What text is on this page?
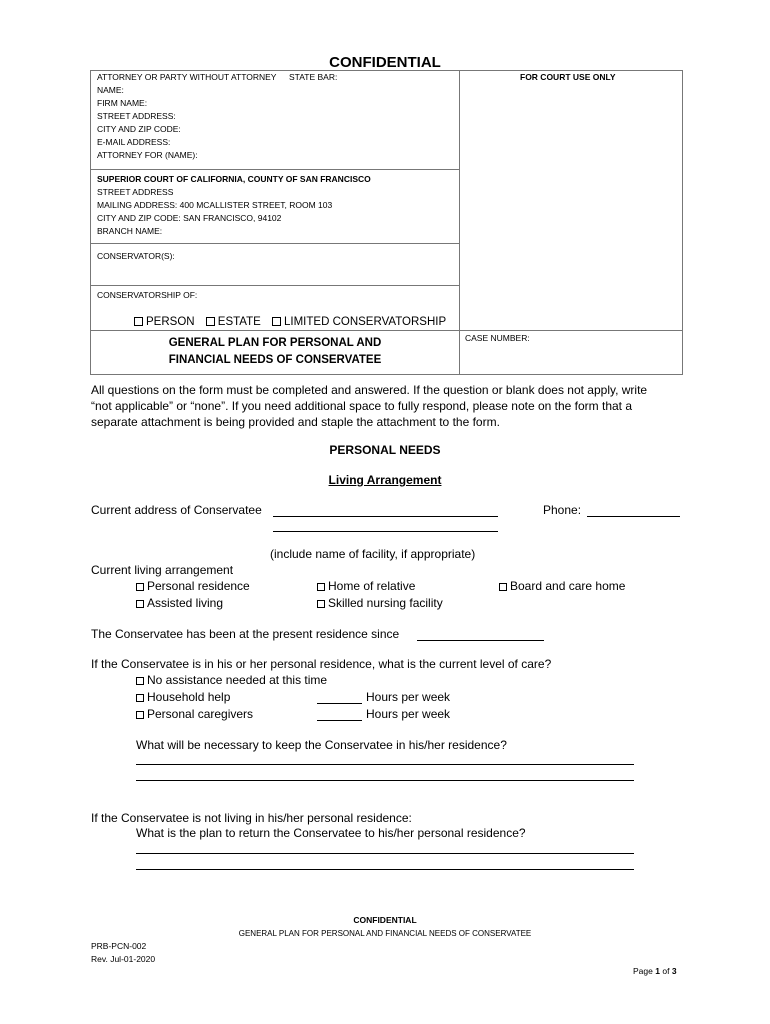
CONFIDENTIAL
ATTORNEY OR PARTY WITHOUT ATTORNEY STATE BAR:	FOR COURT USE ONLY
NAME:
FIRM NAME:
STREET ADDRESS:
CITY AND ZIP CODE:
E-MAIL ADDRESS:
ATTORNEY FOR (NAME):
SUPERIOR COURT OF CALIFORNIA, COUNTY OF SAN FRANCISCO
STREET ADDRESS
MAILING ADDRESS: 400 MCALLISTER STREET, ROOM 103
CITY AND ZIP CODE: SAN FRANCISCO, 94102
BRANCH NAME:
CONSERVATOR(S):
CONSERVATORSHIP OF:
PERSON ESTATE LIMITED CONSERVATORSHIP
GENERAL PLAN FOR PERSONAL AND
FINANCIAL NEEDS OF CONSERVATEE
CASE NUMBER:
All questions on the form must be completed and answered. If the question or blank does not apply, write
“not applicable” or “none”. If you need additional space to fully respond, please note on the form that a
separate attachment is being provided and staple the attachment to the form.
PERSONAL NEEDS
Living Arrangement
Current address of Conservatee	Phone:
(include name of facility, if appropriate)
Current living arrangement
Personal residence	Home of relative	Board and care home
Assisted living	Skilled nursing facility
The Conservatee has been at the present residence since
If the Conservatee is in his or her personal residence, what is the current level of care?
No assistance needed at this time
Household help	Hours per week
Personal caregivers	Hours per week
What will be necessary to keep the Conservatee in his/her residence?
If the Conservatee is not living in his/her personal residence:
What is the plan to return the Conservatee to his/her personal residence?
CONFIDENTIAL
GENERAL PLAN FOR PERSONAL AND FINANCIAL NEEDS OF CONSERVATEE
PRB-PCN-002
Rev. Jul-01-2020
Page 1 of 3
